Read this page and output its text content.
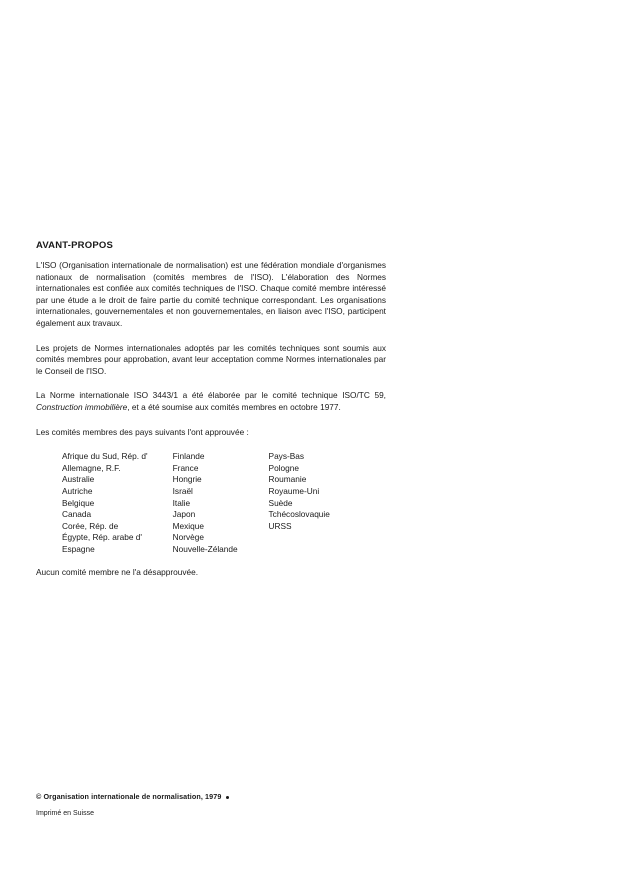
AVANT-PROPOS

L'ISO (Organisation internationale de normalisation) est une fédération mondiale d'organismes nationaux de normalisation (comités membres de l'ISO). L'élaboration des Normes internationales est confiée aux comités techniques de l'ISO. Chaque comité membre intéressé par une étude a le droit de faire partie du comité technique correspondant. Les organisations internationales, gouvernementales et non gouvernementales, en liaison avec l'ISO, participent également aux travaux.

Les projets de Normes internationales adoptés par les comités techniques sont soumis aux comités membres pour approbation, avant leur acceptation comme Normes internationales par le Conseil de l'ISO.

La Norme internationale ISO 3443/1 a été élaborée par le comité technique ISO/TC 59, Construction immobilière, et a été soumise aux comités membres en octobre 1977.

Les comités membres des pays suivants l'ont approuvée :

Afrique du Sud, Rép. d'
Allemagne, R.F.
Australie
Autriche
Belgique
Canada
Corée, Rép. de
Égypte, Rép. arabe d'
Espagne
Finlande
France
Hongrie
Israël
Italie
Japon
Mexique
Norvège
Nouvelle-Zélande
Pays-Bas
Pologne
Roumanie
Royaume-Uni
Suède
Tchécoslovaquie
URSS
Aucun comité membre ne l'a désapprouvée.
© Organisation internationale de normalisation, 1979
Imprimé en Suisse
